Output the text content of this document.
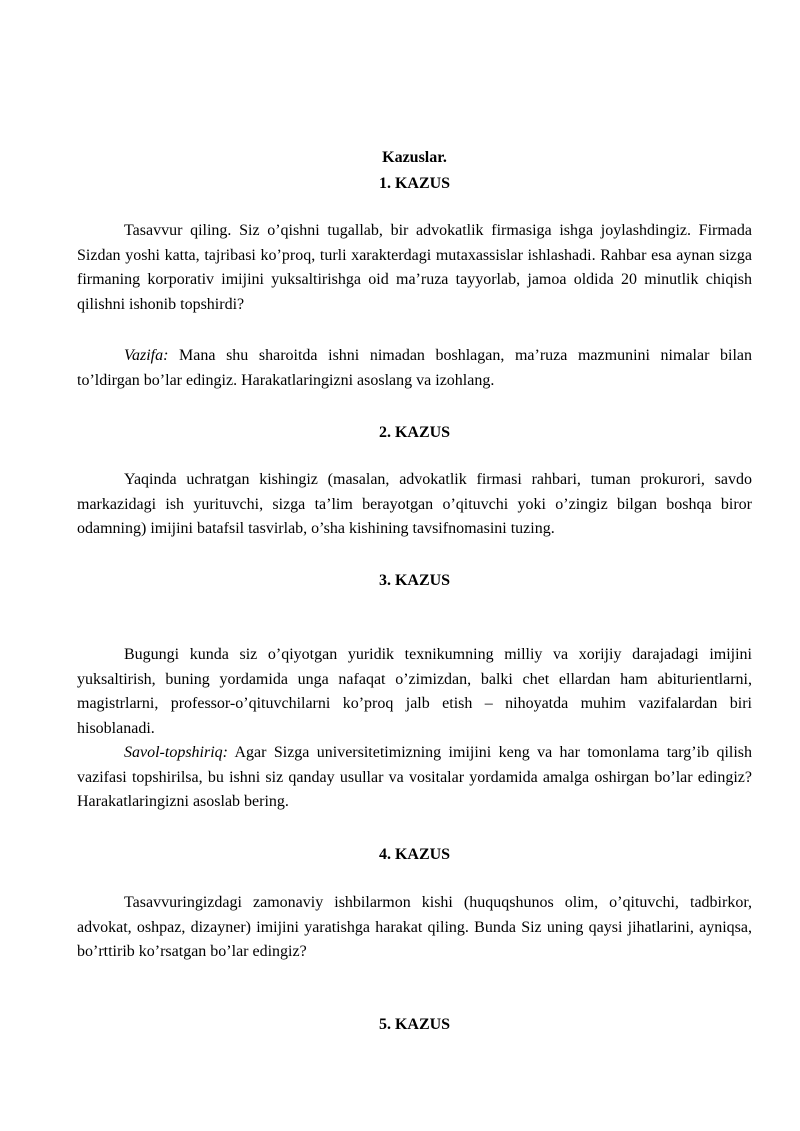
Kazuslar.

1. KAZUS

Tasavvur qiling. Siz o’qishni tugallab, bir advokatlik firmasiga ishga joylashdingiz. Firmada Sizdan yoshi katta, tajribasi ko’proq, turli xarakterdagi mutaxassislar ishlashadi. Rahbar esa aynan sizga firmaning korporativ imijini yuksaltirishga oid ma’ruza tayyorlab, jamoa oldida 20 minutlik chiqish qilishni ishonib topshirdi?

Vazifa: Mana shu sharoitda ishni nimadan boshlagan, ma’ruza mazmunini nimalar bilan to’ldirgan bo’lar edingiz. Harakatlaringizni asoslang va izohlang.

2. KAZUS

Yaqinda uchratgan kishingiz (masalan, advokatlik firmasi rahbari, tuman prokurori, savdo markazidagi ish yurituvchi, sizga ta’lim berayotgan o’qituvchi yoki o’zingiz bilgan boshqa biror odamning) imijini batafsil tasvirlab, o’sha kishining tavsifnomasini tuzing.

3. KAZUS

Bugungi kunda siz o’qiyotgan yuridik texnikumning milliy va xorijiy darajadagi imijini yuksaltirish, buning yordamida unga nafaqat o’zimizdan, balki chet ellardan ham abiturientlarni, magistrlarni, professor-o’qituvchilarni ko’proq jalb etish – nihoyatda muhim vazifalardan biri hisoblanadi.

Savol-topshiriq: Agar Sizga universitetimizning imijini keng va har tomonlama targ’ib qilish vazifasi topshirilsa, bu ishni siz qanday usullar va vositalar yordamida amalga oshirgan bo’lar edingiz? Harakatlaringizni asoslab bering.

4. KAZUS

Tasavvuringizdagi zamonaviy ishbilarmon kishi (huquqshunos olim, o’qituvchi, tadbirkor, advokat, oshpaz, dizayner) imijini yaratishga harakat qiling. Bunda Siz uning qaysi jihatlarini, ayniqsa, bo’rttirib ko’rsatgan bo’lar edingiz?

5. KAZUS
